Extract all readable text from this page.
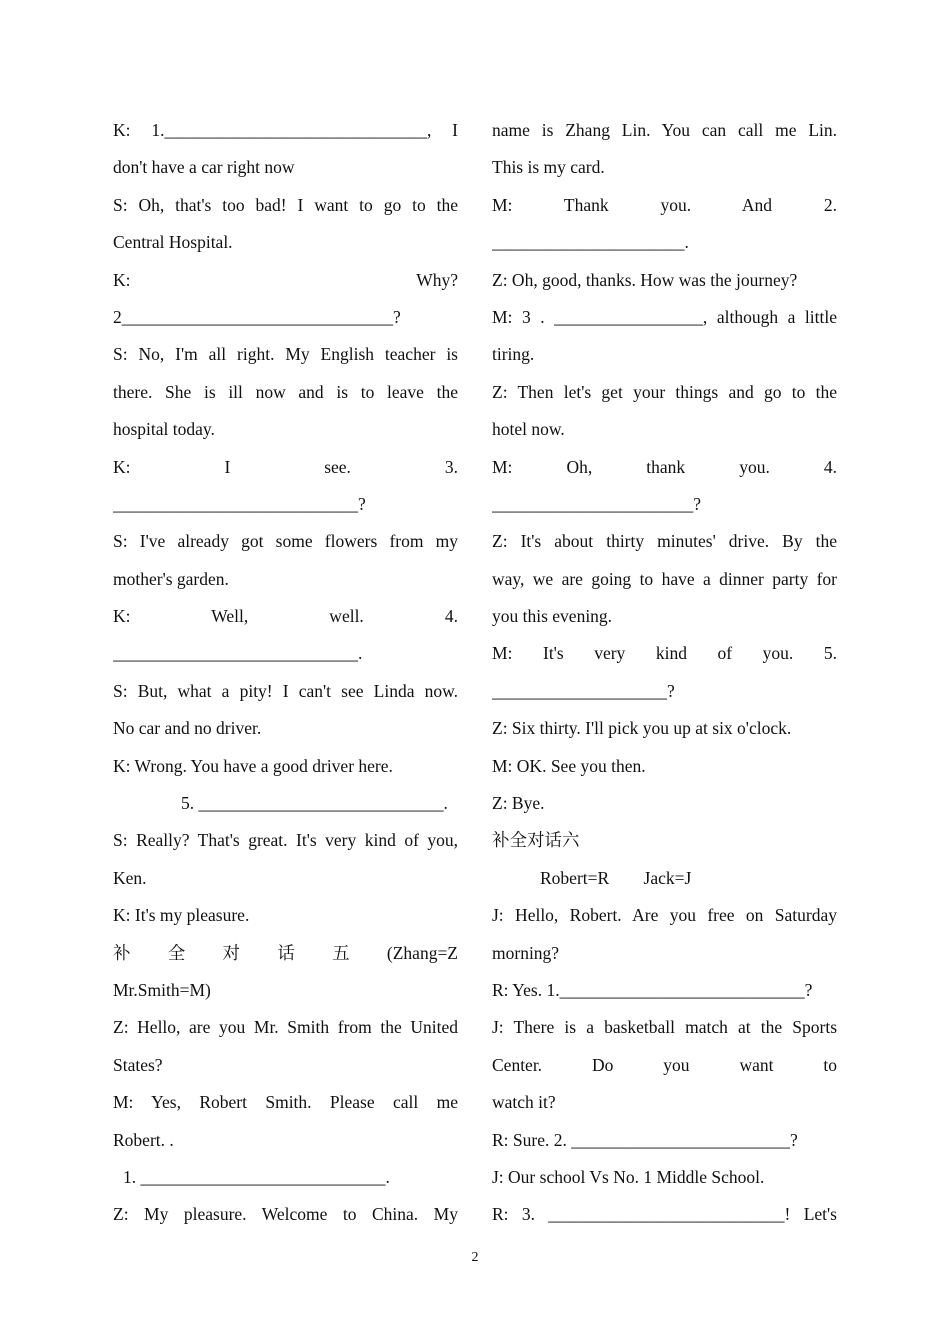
K: 1.______________________________, I
don't have a car right now
S: Oh, that's too bad! I want to go to the
Central Hospital.
K: Why?
2_______________________________?
S: No, I'm all right. My English teacher is
there. She is ill now and is to leave the
hospital today.
K: I see. 3.
____________________________?
S: I've already got some flowers from my
mother's garden.
K: Well, well. 4.
____________________________.
S: But, what a pity! I can't see Linda now.
No car and no driver.
K: Wrong. You have a good driver here.
5. ____________________________.
S: Really? That's great. It's very kind of you,
Ken.
K: It's my pleasure.
补 全 对 话 五 (Zhang=Z
Mr.Smith=M)
Z: Hello, are you Mr. Smith from the United
States?
M: Yes, Robert Smith. Please call me
Robert. .
1. ____________________________.
Z: My pleasure. Welcome to China. My
name is Zhang Lin. You can call me Lin.
This is my card.
M: Thank you. And 2.
______________________.
Z: Oh, good, thanks. How was the journey?
M: 3 . _________________, although a little
tiring.
Z: Then let's get your things and go to the
hotel now.
M: Oh, thank you. 4.
_______________________?
Z: It's about thirty minutes' drive. By the
way, we are going to have a dinner party for
you this evening.
M: It's very kind of you. 5.
____________________?
Z: Six thirty. I'll pick you up at six o'clock.
M: OK. See you then.
Z: Bye.
补全对话六
Robert=R Jack=J
J: Hello, Robert. Are you free on Saturday
morning?
R: Yes. 1.____________________________?
J: There is a basketball match at the Sports
Center. Do you want to
watch it?
R: Sure. 2. _________________________?
J: Our school Vs No. 1 Middle School.
R: 3. ___________________________! Let's
2
